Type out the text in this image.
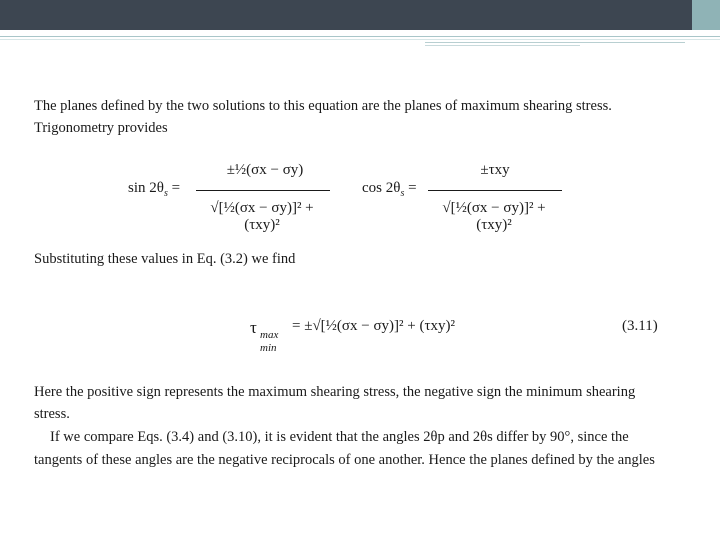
The planes defined by the two solutions to this equation are the planes of maximum shearing stress.
Trigonometry provides
$\sin 2\theta_s$ =
±½(σx − σy)
√[½(σx − σy)]² + (τxy)²
$\cos 2\theta_s$ =
±τxy
√[½(σx − σy)]² + (τxy)²
Substituting these values in Eq. (3.2) we find
τ max
min
= ±√[½(σx − σy)]² + (τxy)²	(3.11)
Here the positive sign represents the maximum shearing stress, the negative sign the minimum shearing
stress.
If we compare Eqs. (3.4) and (3.10), it is evident that the angles 2θp and 2θs differ by 90°, since the
tangents of these angles are the negative reciprocals of one another. Hence the planes defined by the angles
